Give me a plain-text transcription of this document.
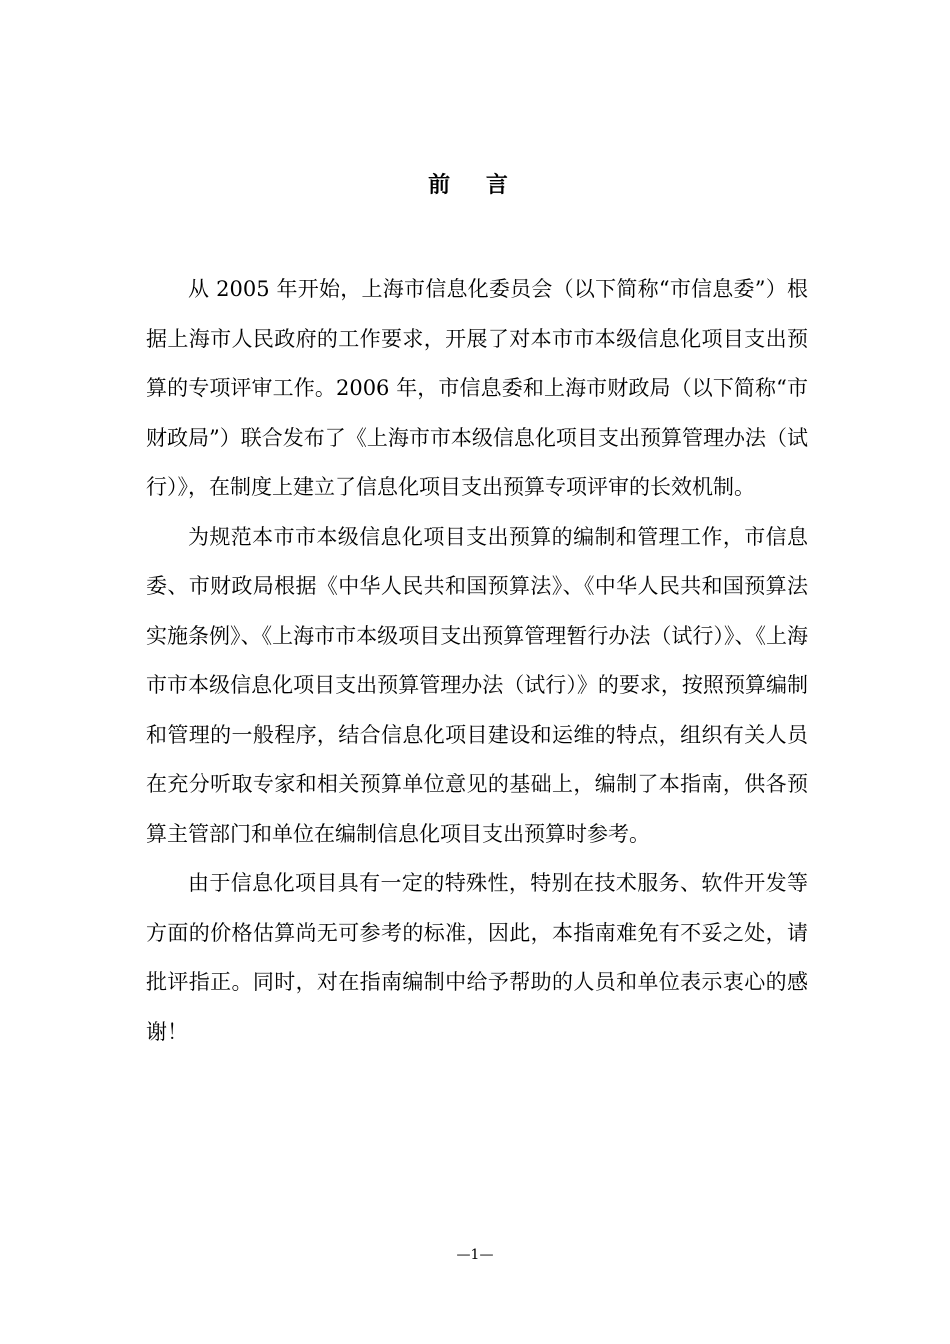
前 言

从 2005 年开始，上海市信息化委员会（以下简称“市信息委”）根据上海市人民政府的工作要求，开展了对本市市本级信息化项目支出预算的专项评审工作。2006 年，市信息委和上海市财政局（以下简称“市财政局”）联合发布了《上海市市本级信息化项目支出预算管理办法（试行）》，在制度上建立了信息化项目支出预算专项评审的长效机制。

为规范本市市本级信息化项目支出预算的编制和管理工作，市信息委、市财政局根据《中华人民共和国预算法》、《中华人民共和国预算法实施条例》、《上海市市本级项目支出预算管理暂行办法（试行）》、《上海市市本级信息化项目支出预算管理办法（试行）》的要求，按照预算编制和管理的一般程序，结合信息化项目建设和运维的特点，组织有关人员在充分听取专家和相关预算单位意见的基础上，编制了本指南，供各预算主管部门和单位在编制信息化项目支出预算时参考。

由于信息化项目具有一定的特殊性，特别在技术服务、软件开发等方面的价格估算尚无可参考的标准，因此，本指南难免有不妥之处，请批评指正。同时，对在指南编制中给予帮助的人员和单位表示衷心的感谢！

—1—
